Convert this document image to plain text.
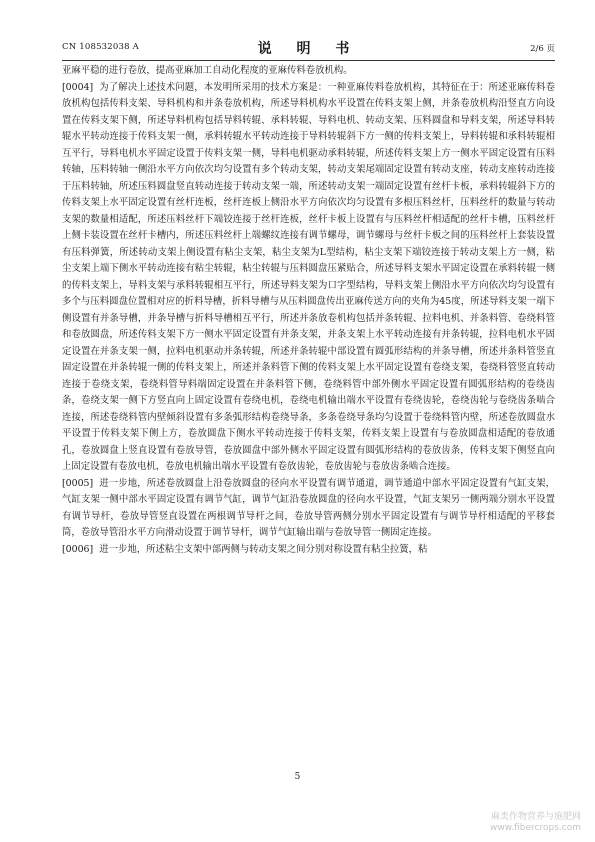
CN 108532038 A	说 明 书	2/6 页

亚麻平稳的进行卷放，提高亚麻加工自动化程度的亚麻传料卷放机构。

[0004] 为了解决上述技术问题，本发明所采用的技术方案是：一种亚麻传料卷放机构，其特征在于：所述亚麻传料卷放机构包括传料支架、导料机构和并条卷放机构，所述导料机构水平设置在传料支架上侧，并条卷放机构沿竖直方向设置在传料支架下侧，所述导料机构包括导料转辊、承料转辊、导料电机、转动支架、压料圆盘和导料支架，所述导料转辊水平转动连接于传料支架一侧，承料转辊水平转动连接于导料转辊斜下方一侧的传料支架上，导料转辊和承料转辊相互平行，导料电机水平固定设置于传料支架一侧，导料电机驱动承料转辊，所述传料支架上方一侧水平固定设置有压料转轴，压料转轴一侧沿水平方向依次均匀设置有多个转动支架，转动支架尾端固定设置有转动支座，转动支座转动连接于压料转轴，所述压料圆盘竖直转动连接于转动支架一端，所述转动支架一端固定设置有丝杆卡板，承料转辊斜下方的传料支架上水平固定设置有丝杆连板，丝杆连板上侧沿水平方向依次均匀设置有多根压料丝杆，压料丝杆的数量与转动支架的数量相适配，所述压料丝杆下端铰连接于丝杆连板，丝杆卡板上设置有与压料丝杆相适配的丝杆卡槽，压料丝杆上侧卡装设置在丝杆卡槽内，所述压料丝杆上端螺纹连接有调节螺母，调节螺母与丝杆卡板之间的压料丝杆上套装设置有压料弹簧，所述转动支架上侧设置有粘尘支架，粘尘支架为L型结构，粘尘支架下端铰连接于转动支架上方一侧，粘尘支架上端下侧水平转动连接有粘尘转辊，粘尘转辊与压料圆盘压紧贴合，所述导料支架水平固定设置在承料转辊一侧的传料支架上，导料支架与承料转辊相互平行，所述导料支架为口字型结构，导料支架上侧沿水平方向依次均匀设置有多个与压料圆盘位置相对应的折料导槽，折料导槽与从压料圆盘传出亚麻传送方向的夹角为45度，所述导料支架一端下侧设置有并条导槽，并条导槽与折料导槽相互平行，所述并条放卷机构包括并条转辊、拉料电机、并条料管、卷绕料管和卷放圆盘，所述传料支架下方一侧水平固定设置有并条支架，并条支架上水平转动连接有并条转辊，拉料电机水平固定设置在并条支架一侧，拉料电机驱动并条转辊，所述并条转辊中部设置有圆弧形结构的并条导槽，所述并条料管竖直固定设置在并条转辊一侧的传料支架上，所述并条料管下侧的传料支架上水平固定设置有卷绕支架，卷绕料管竖直转动连接于卷绕支架，卷绕料管导料端固定设置在并条料管下侧，卷绕料管中部外侧水平固定设置有圆弧形结构的卷绕齿条，卷绕支架一侧下方竖直向上固定设置有卷绕电机，卷绕电机输出端水平设置有卷绕齿轮，卷绕齿轮与卷绕齿条啮合连接，所述卷绕料管内壁倾斜设置有多条弧形结构卷绕导条，多条卷绕导条均匀设置于卷绕料管内壁，所述卷放圆盘水平设置于传料支架下侧上方，卷放圆盘下侧水平转动连接于传料支架，传料支架上设置有与卷放圆盘相适配的卷放通孔，卷放圆盘上竖直设置有卷放导管，卷放圆盘中部外侧水平固定设置有圆弧形结构的卷放齿条，传料支架下侧竖直向上固定设置有卷放电机，卷放电机输出端水平设置有卷放齿轮，卷放齿轮与卷放齿条啮合连接。

[0005] 进一步地，所述卷放圆盘上沿卷放圆盘的径向水平设置有调节通道，调节通道中部水平固定设置有气缸支架，气缸支架一侧中部水平固定设置有调节气缸，调节气缸沿卷放圆盘的径向水平设置，气缸支架另一侧两端分别水平设置有调节导杆，卷放导管竖直设置在两根调节导杆之间，卷放导管两侧分别水平固定设置有与调节导杆相适配的平移套筒，卷放导管沿水平方向滑动设置于调节导杆，调节气缸输出端与卷放导管一侧固定连接。

[0006] 进一步地，所述粘尘支架中部两侧与转动支架之间分别对称设置有粘尘拉簧，粘

5
麻类作物营养与施肥网
www.fibercrops.com
